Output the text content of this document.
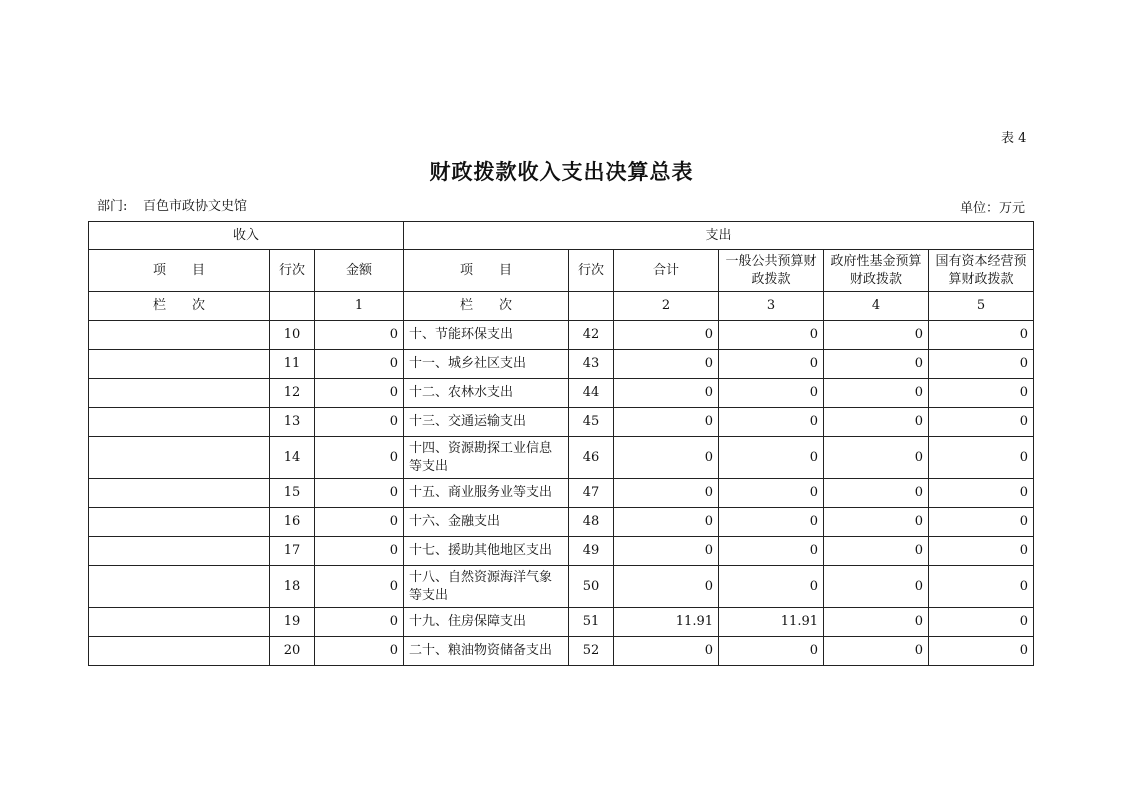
表 4
财政拨款收入支出决算总表
部门: 百色市政协文史馆	单位：万元
收入			支出					
项　　目	行次	金额	项　　目	行次	合计	一般公共预算财政拨款	政府性基金预算财政拨款	国有资本经营预算财政拨款
栏　　次		1	栏　　次		2	3	4	5
	10	0	十、节能环保支出	42	0	0	0	0
	11	0	十一、城乡社区支出	43	0	0	0	0
	12	0	十二、农林水支出	44	0	0	0	0
	13	0	十三、交通运输支出	45	0	0	0	0
	14	0	十四、资源勘探工业信息等支出	46	0	0	0	0
	15	0	十五、商业服务业等支出	47	0	0	0	0
	16	0	十六、金融支出	48	0	0	0	0
	17	0	十七、援助其他地区支出	49	0	0	0	0
	18	0	十八、自然资源海洋气象等支出	50	0	0	0	0
	19	0	十九、住房保障支出	51	11.91	11.91	0	0
	20	0	二十、粮油物资储备支出	52	0	0	0	0
